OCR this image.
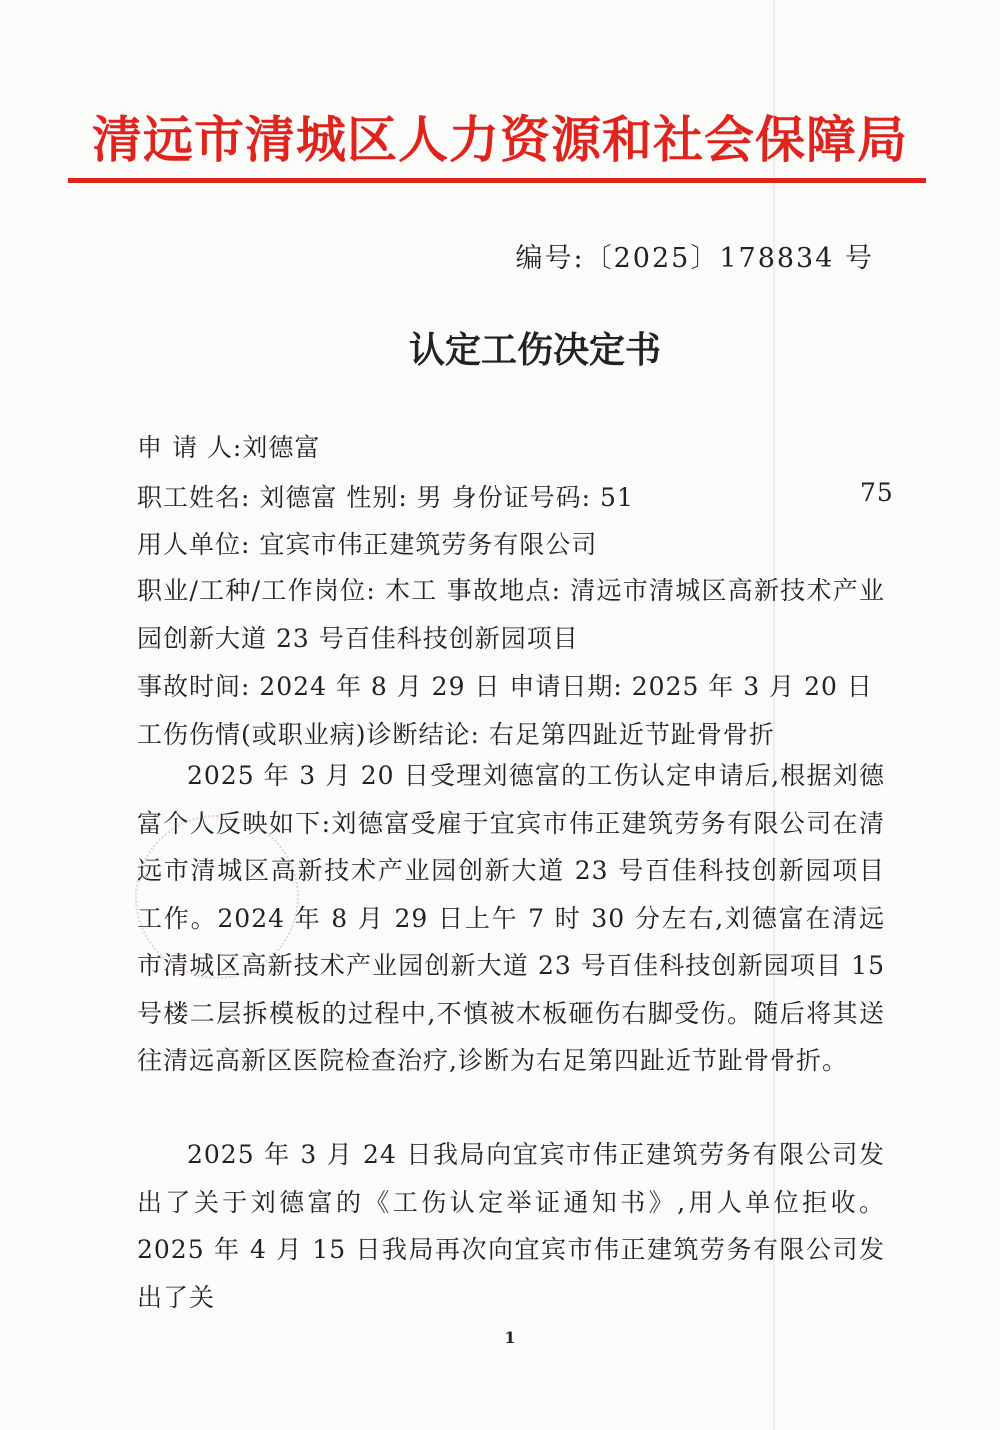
清远市清城区人力资源和社会保障局
编号:〔2025〕178834 号
认定工伤决定书
申 请 人:刘德富
职工姓名: 刘德富 性别: 男 身份证号码: 51	75
用人单位: 宜宾市伟正建筑劳务有限公司
职业/工种/工作岗位: 木工 事故地点: 清远市清城区高新技术产业园创新大道 23 号百佳科技创新园项目
事故时间: 2024 年 8 月 29 日 申请日期: 2025 年 3 月 20 日
工伤伤情(或职业病)诊断结论: 右足第四趾近节趾骨骨折
2025 年 3 月 20 日受理刘德富的工伤认定申请后,根据刘德富个人反映如下:刘德富受雇于宜宾市伟正建筑劳务有限公司在清远市清城区高新技术产业园创新大道 23 号百佳科技创新园项目工作。2024 年 8 月 29 日上午 7 时 30 分左右,刘德富在清远市清城区高新技术产业园创新大道 23 号百佳科技创新园项目 15 号楼二层拆模板的过程中,不慎被木板砸伤右脚受伤。随后将其送往清远高新区医院检查治疗,诊断为右足第四趾近节趾骨骨折。
2025 年 3 月 24 日我局向宜宾市伟正建筑劳务有限公司发出了关于刘德富的《工伤认定举证通知书》,用人单位拒收。2025 年 4 月 15 日我局再次向宜宾市伟正建筑劳务有限公司发出了关
1
